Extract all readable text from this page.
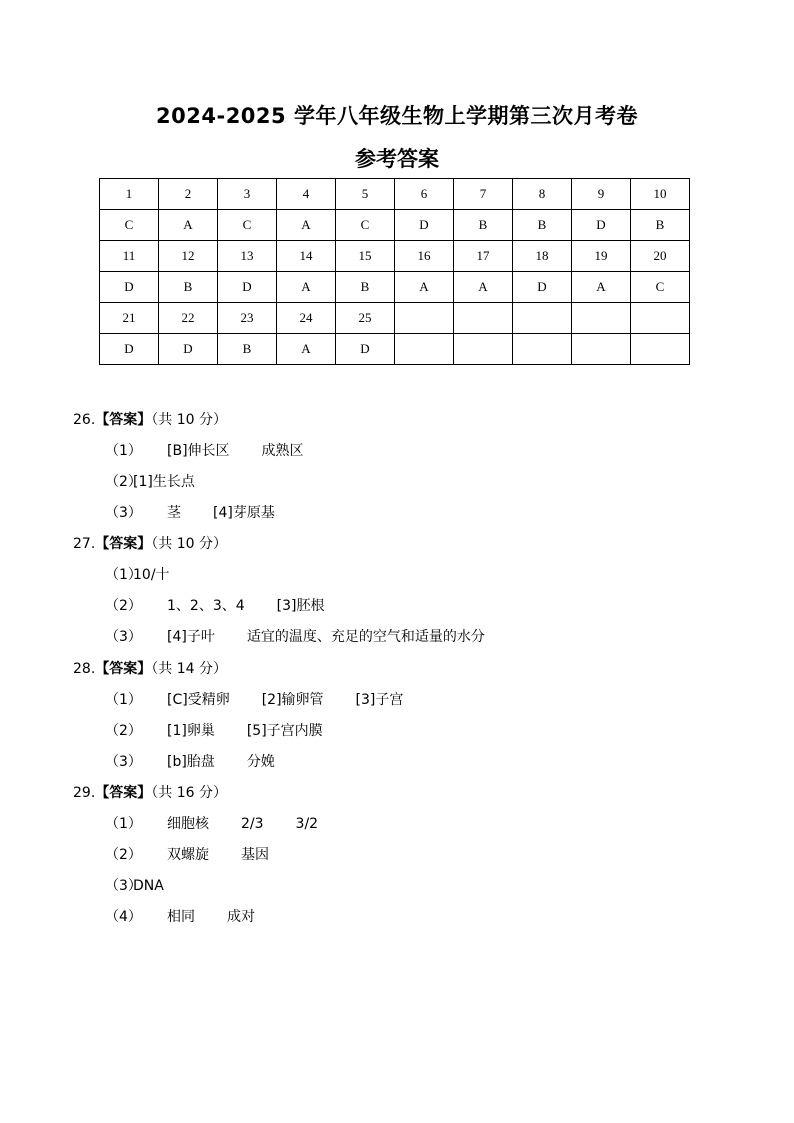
2024-2025 学年八年级生物上学期第三次月考卷
参考答案
1	2	3	4	5	6	7	8	9	10
C	A	C	A	C	D	B	B	D	B
11	12	13	14	15	16	17	18	19	20
D	B	D	A	B	A	A	D	A	C
21	22	23	24	25					
D	D	B	A	D					
26.【答案】（共 10 分）
（1） [B]伸长区 成熟区
（2）[1]生长点
（3） 茎 [4]芽原基
27.【答案】（共 10 分）
（1）10/十
（2） 1、2、3、4 [3]胚根
（3） [4]子叶 适宜的温度、充足的空气和适量的水分
28.【答案】（共 14 分）
（1） [C]受精卵 [2]输卵管 [3]子宫
（2） [1]卵巢 [5]子宫内膜
（3） [b]胎盘 分娩
29.【答案】（共 16 分）
（1） 细胞核 2/3 3/2
（2） 双螺旋 基因
（3）DNA
（4） 相同 成对
